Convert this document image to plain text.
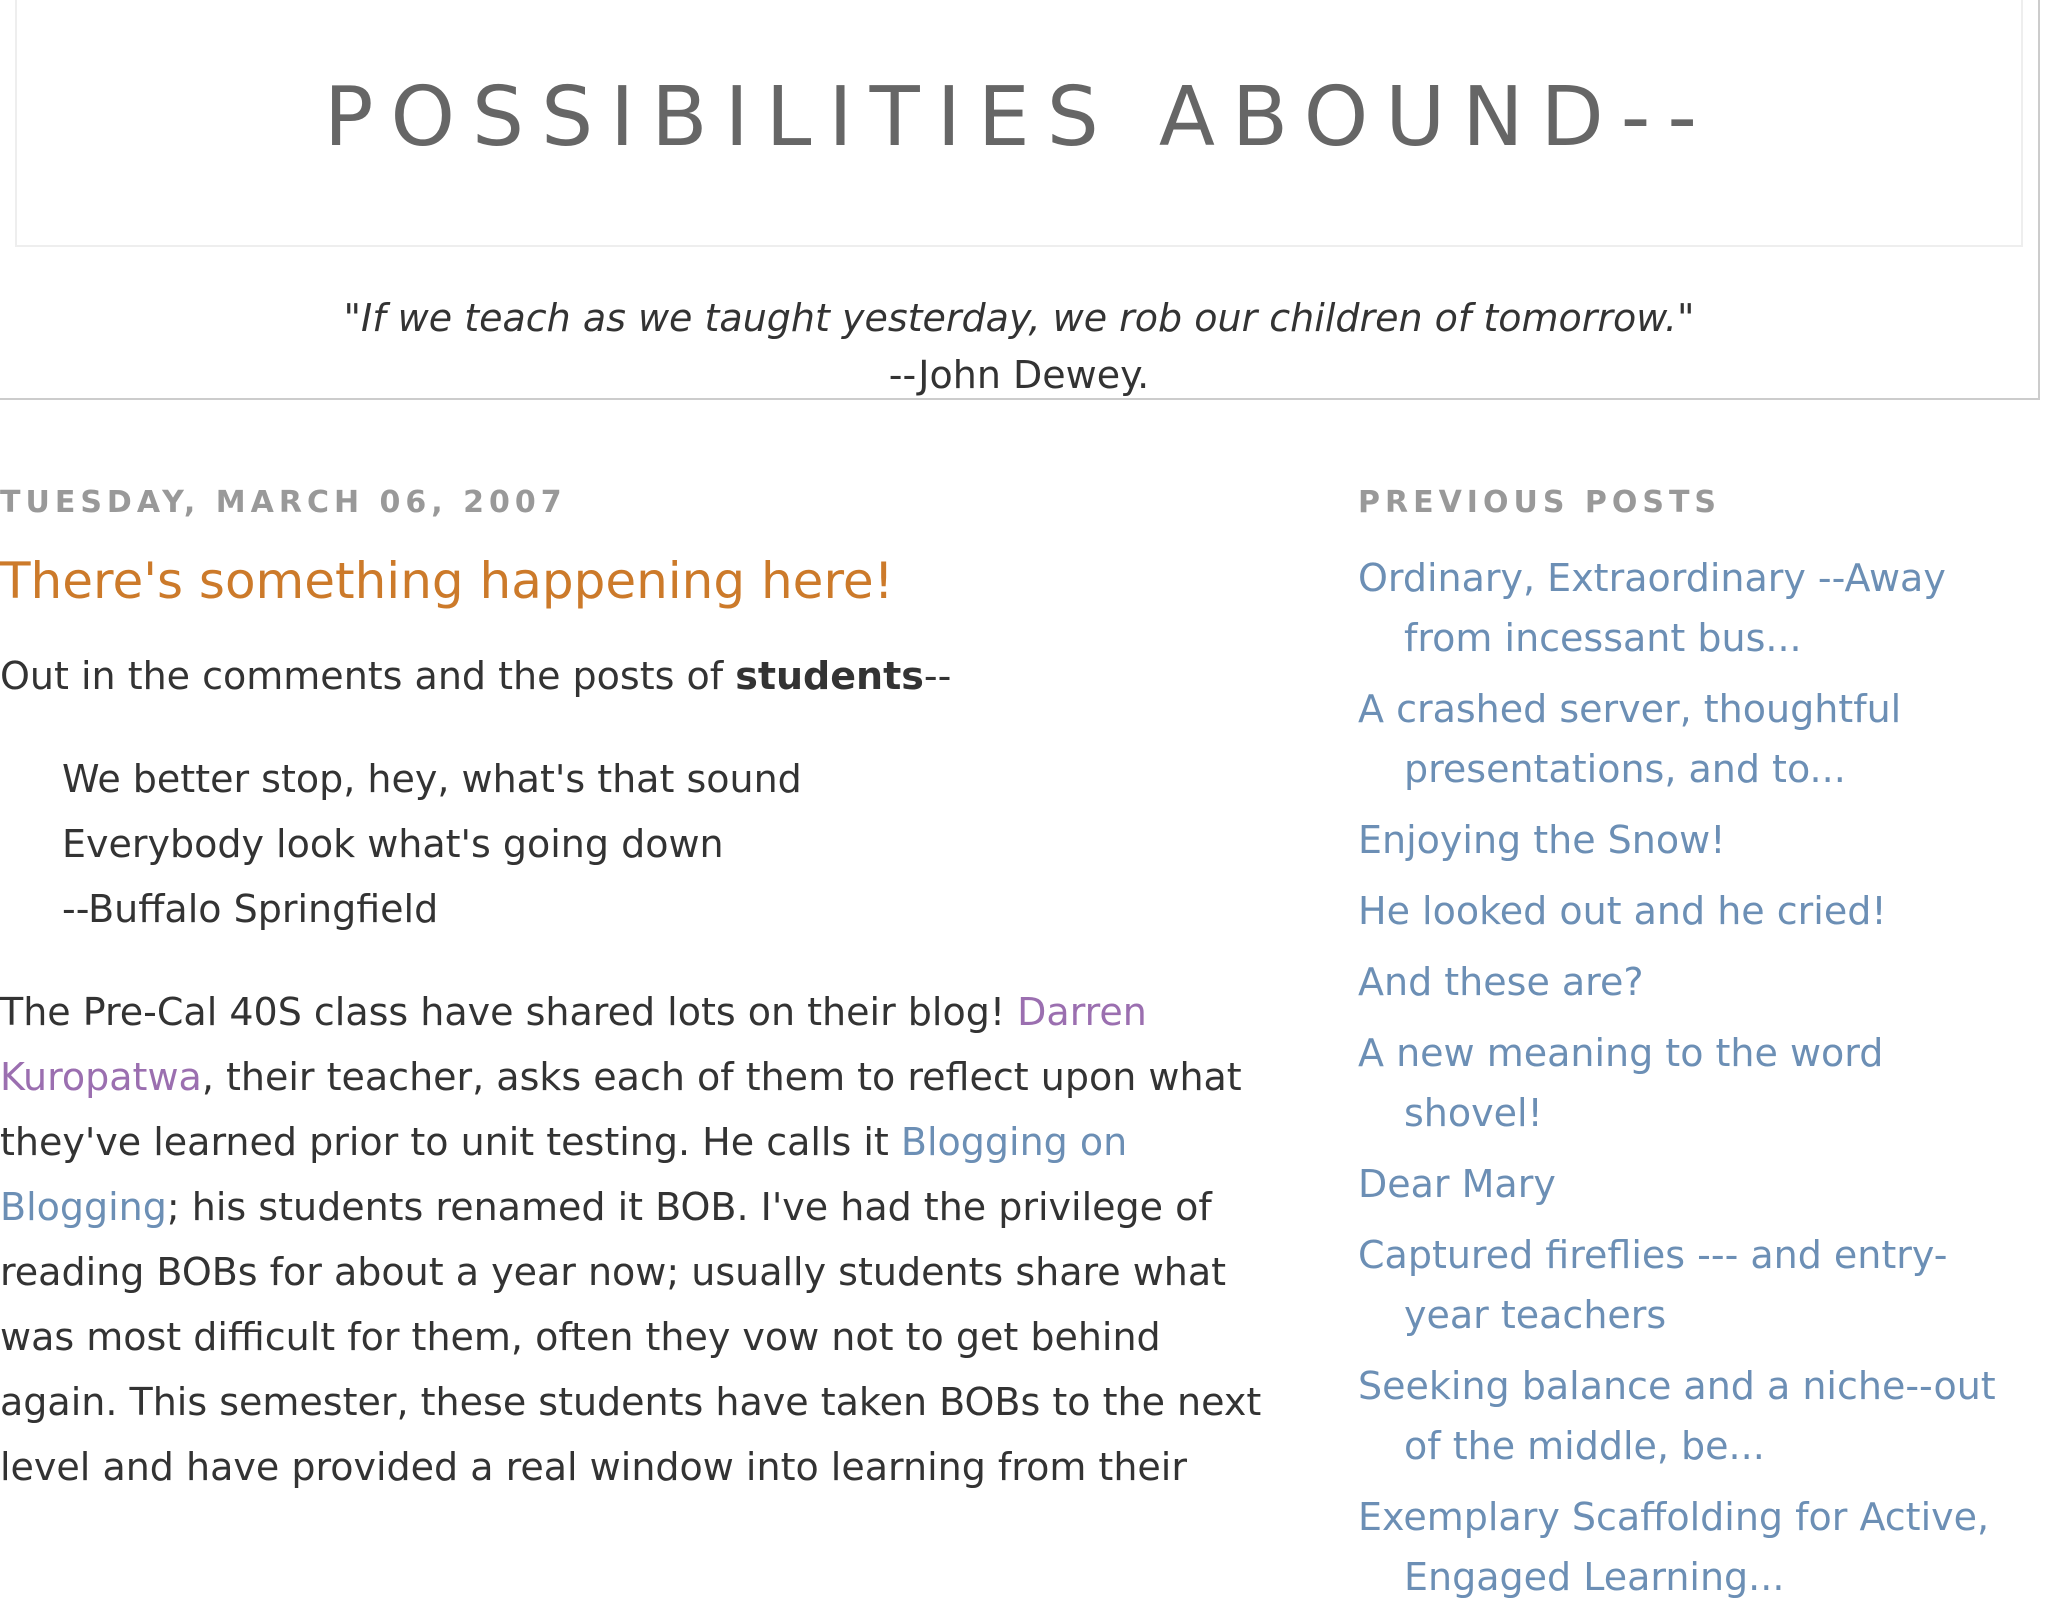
POSSIBILITIES ABOUND--
"If we teach as we taught yesterday, we rob our children of tomorrow."
--John Dewey.
TUESDAY, MARCH 06, 2007
There's something happening here!

Out in the comments and the posts of students--

We better stop, hey, what's that sound
Everybody look what's going down
--Buffalo Springfield

The Pre-Cal 40S class have shared lots on their blog! Darren Kuropatwa, their teacher, asks each of them to reflect upon what they've learned prior to unit testing. He calls it Blogging on Blogging; his students renamed it BOB. I've had the privilege of reading BOBs for about a year now; usually students share what was most difficult for them, often they vow not to get behind again. This semester, these students have taken BOBs to the next level and have provided a real window into learning from their

PREVIOUS POSTS
Ordinary, Extraordinary --Away from incessant bus...
A crashed server, thoughtful presentations, and to...
Enjoying the Snow!
He looked out and he cried!
And these are?
A new meaning to the word shovel!
Dear Mary
Captured fireflies --- and entry-year teachers
Seeking balance and a niche--out of the middle, be...
Exemplary Scaffolding for Active, Engaged Learning...
